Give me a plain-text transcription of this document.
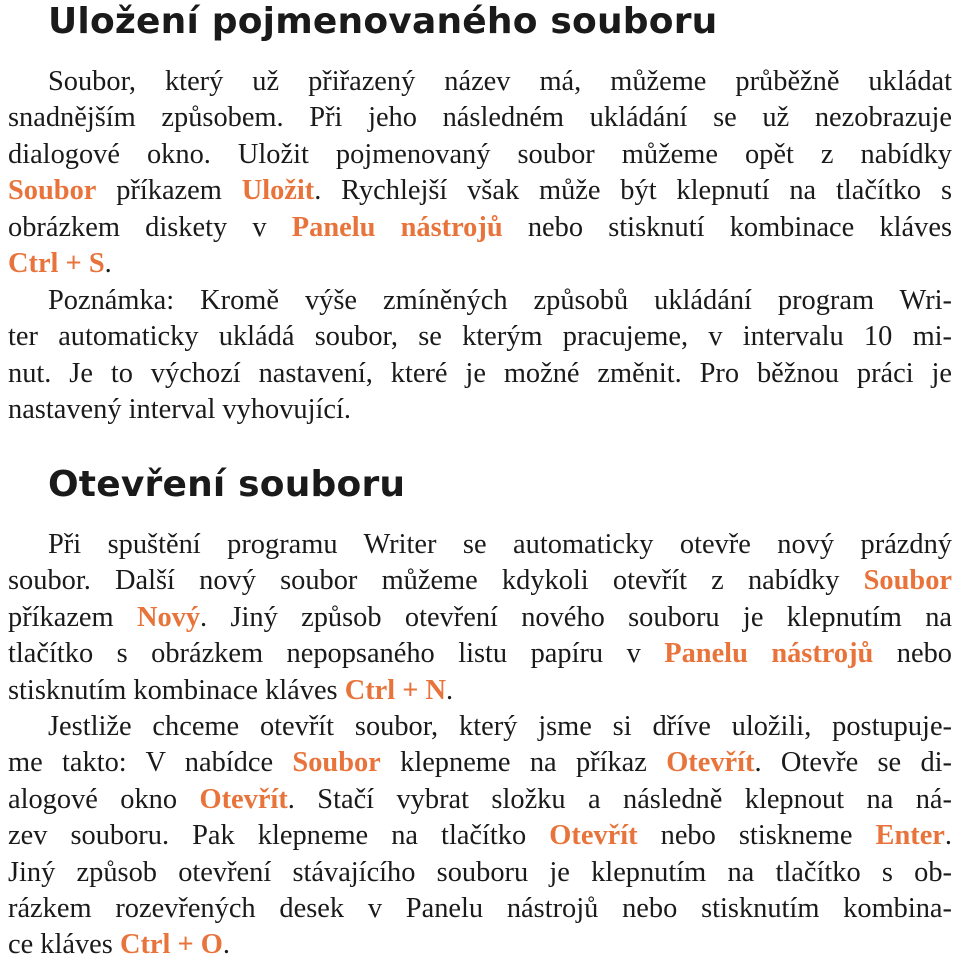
Uložení pojmenovaného souboru
Soubor, který už přiřazený název má, můžeme průběžně ukládat
snadnějším způsobem. Při jeho následném ukládání se už nezobrazuje
dialogové okno. Uložit pojmenovaný soubor můžeme opět z nabídky
Soubor příkazem Uložit. Rychlejší však může být klepnutí na tlačítko s
obrázkem diskety v Panelu nástrojů nebo stisknutí kombinace kláves
Ctrl + S.
Poznámka: Kromě výše zmíněných způsobů ukládání program Wri-
ter automaticky ukládá soubor, se kterým pracujeme, v intervalu 10 mi-
nut. Je to výchozí nastavení, které je možné změnit. Pro běžnou práci je
nastavený interval vyhovující.
Otevření souboru
Při spuštění programu Writer se automaticky otevře nový prázdný
soubor. Další nový soubor můžeme kdykoli otevřít z nabídky Soubor
příkazem Nový. Jiný způsob otevření nového souboru je klepnutím na
tlačítko s obrázkem nepopsaného listu papíru v Panelu nástrojů nebo
stisknutím kombinace kláves Ctrl + N.
Jestliže chceme otevřít soubor, který jsme si dříve uložili, postupuje-
me takto: V nabídce Soubor klepneme na příkaz Otevřít. Otevře se di-
alogové okno Otevřít. Stačí vybrat složku a následně klepnout na ná-
zev souboru. Pak klepneme na tlačítko Otevřít nebo stiskneme Enter.
Jiný způsob otevření stávajícího souboru je klepnutím na tlačítko s ob-
rázkem rozevřených desek v Panelu nástrojů nebo stisknutím kombina-
ce kláves Ctrl + O.
